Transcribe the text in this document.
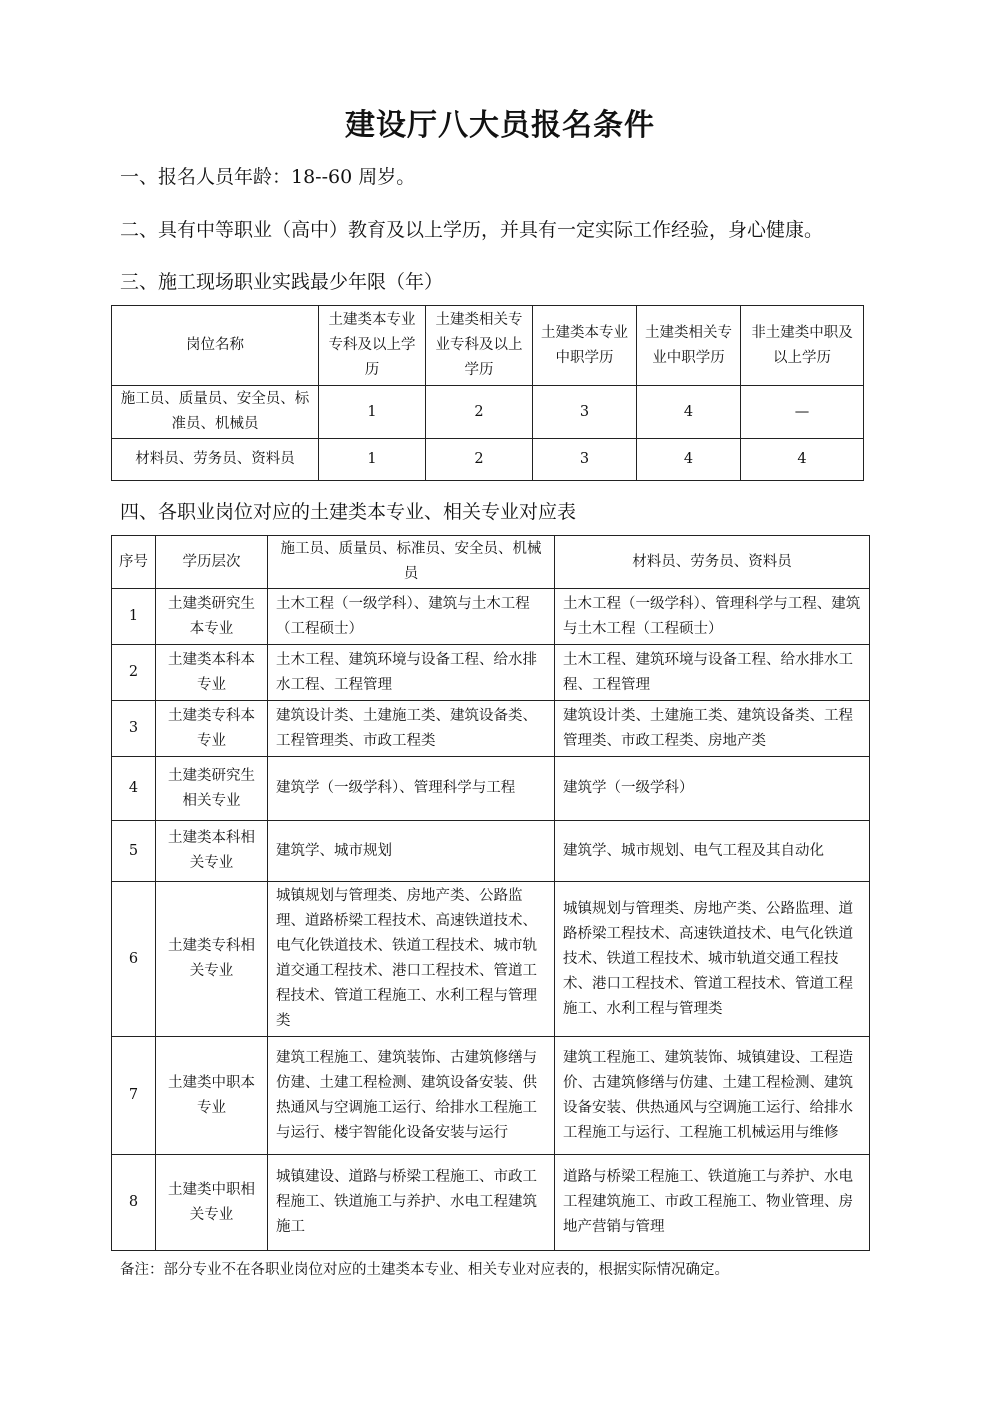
建设厅八大员报名条件
一、报名人员年龄：18--60 周岁。
二、具有中等职业（高中）教育及以上学历，并具有一定实际工作经验，身心健康。
三、施工现场职业实践最少年限（年）
岗位名称	土建类本专业专科及以上学历	土建类相关专业专科及以上学历	土建类本专业中职学历	土建类相关专业中职学历	非土建类中职及以上学历
施工员、质量员、安全员、标准员、机械员	1	2	3	4	—
材料员、劳务员、资料员	1	2	3	4	4
四、各职业岗位对应的土建类本专业、相关专业对应表
序号	学历层次	施工员、质量员、标准员、安全员、机械员	材料员、劳务员、资料员
1	土建类研究生本专业	土木工程（一级学科）、建筑与土木工程（工程硕士）	土木工程（一级学科）、管理科学与工程、建筑与土木工程（工程硕士）
2	土建类本科本专业	土木工程、建筑环境与设备工程、给水排水工程、工程管理	土木工程、建筑环境与设备工程、给水排水工程、工程管理
3	土建类专科本专业	建筑设计类、土建施工类、建筑设备类、工程管理类、市政工程类	建筑设计类、土建施工类、建筑设备类、工程管理类、市政工程类、房地产类
4	土建类研究生相关专业	建筑学（一级学科）、管理科学与工程	建筑学（一级学科）
5	土建类本科相关专业	建筑学、城市规划	建筑学、城市规划、电气工程及其自动化
6	土建类专科相关专业	城镇规划与管理类、房地产类、公路监理、道路桥梁工程技术、高速铁道技术、电气化铁道技术、铁道工程技术、城市轨道交通工程技术、港口工程技术、管道工程技术、管道工程施工、水利工程与管理类	城镇规划与管理类、房地产类、公路监理、道路桥梁工程技术、高速铁道技术、电气化铁道技术、铁道工程技术、城市轨道交通工程技术、港口工程技术、管道工程技术、管道工程施工、水利工程与管理类
7	土建类中职本专业	建筑工程施工、建筑装饰、古建筑修缮与仿建、土建工程检测、建筑设备安装、供热通风与空调施工运行、给排水工程施工与运行、楼宇智能化设备安装与运行	建筑工程施工、建筑装饰、城镇建设、工程造价、古建筑修缮与仿建、土建工程检测、建筑设备安装、供热通风与空调施工运行、给排水工程施工与运行、工程施工机械运用与维修
8	土建类中职相关专业	城镇建设、道路与桥梁工程施工、市政工程施工、铁道施工与养护、水电工程建筑施工	道路与桥梁工程施工、铁道施工与养护、水电工程建筑施工、市政工程施工、物业管理、房地产营销与管理
备注：部分专业不在各职业岗位对应的土建类本专业、相关专业对应表的，根据实际情况确定。
